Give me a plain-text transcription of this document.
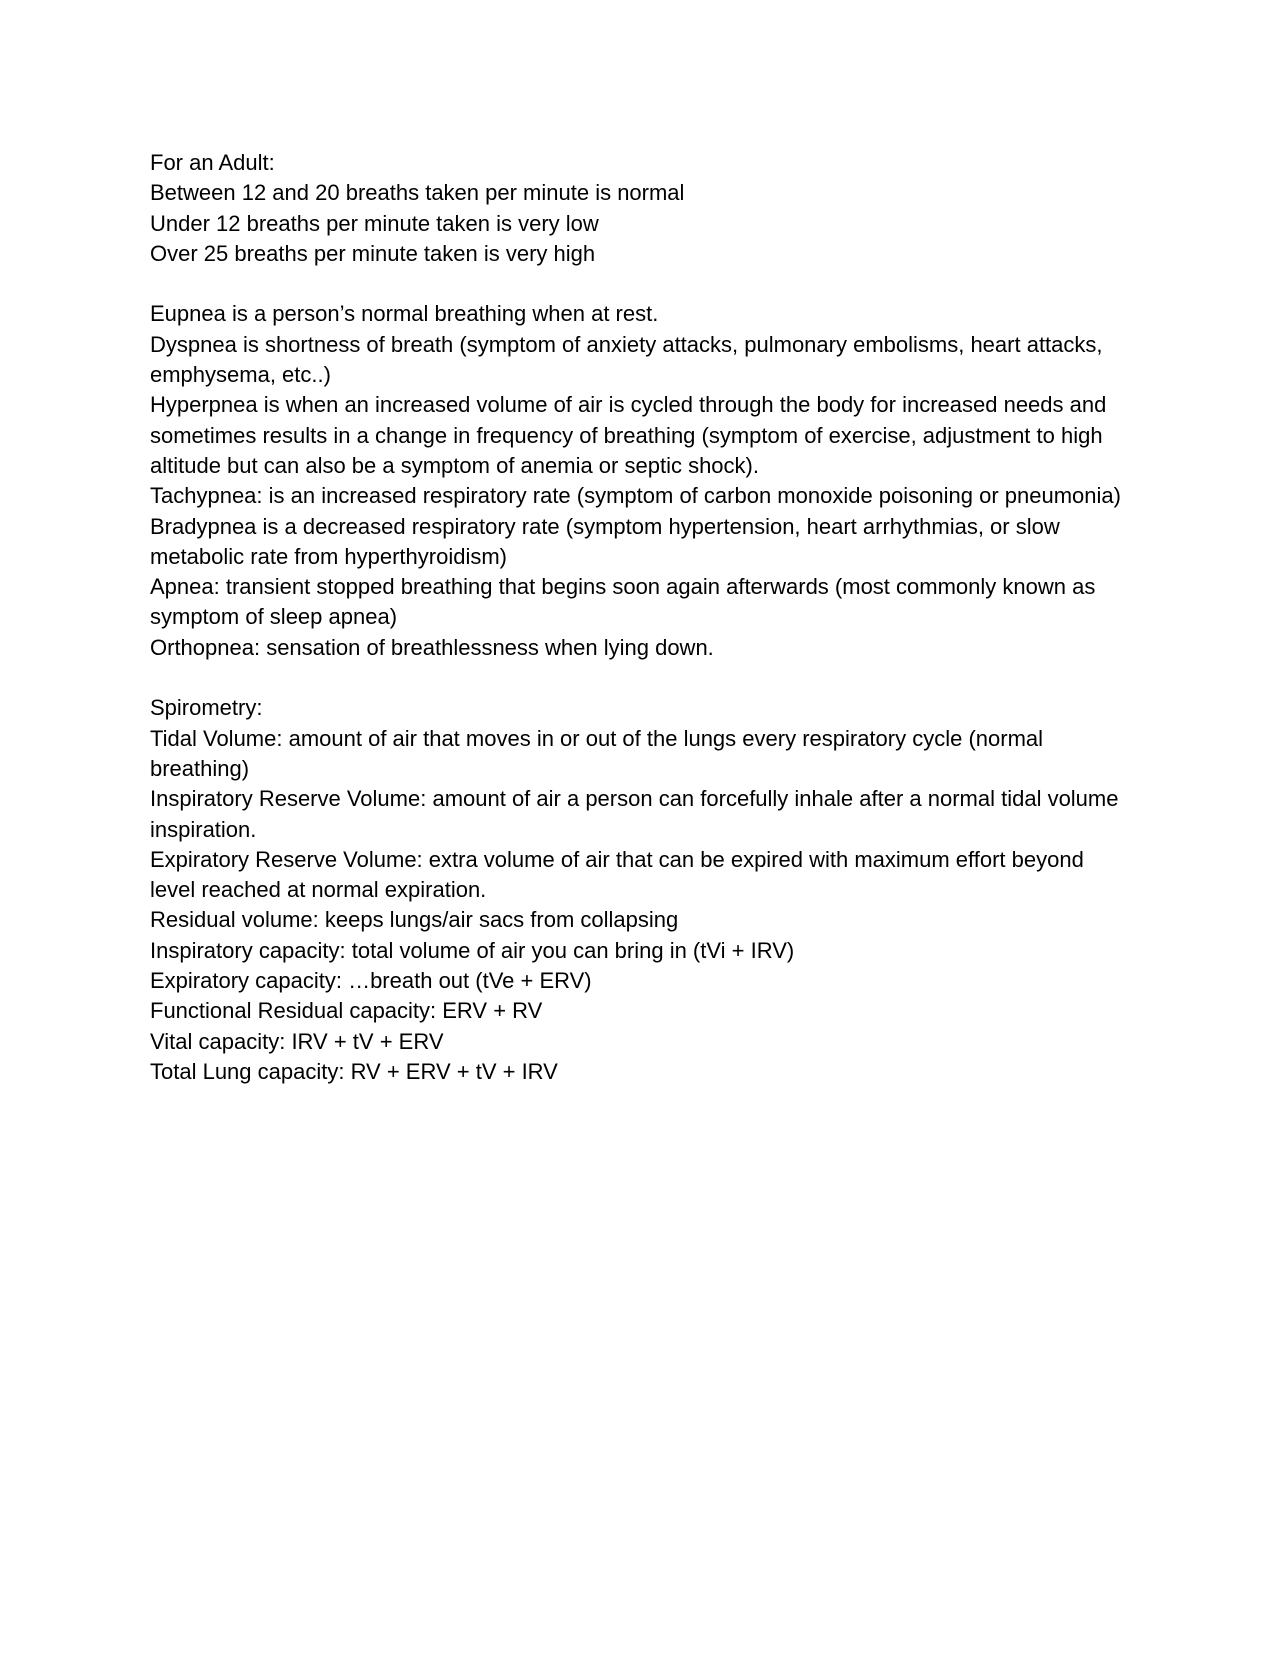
For an Adult:

Between 12 and 20 breaths taken per minute is normal

Under 12 breaths per minute taken is very low

Over 25 breaths per minute taken is very high

Eupnea is a person’s normal breathing when at rest.

Dyspnea is shortness of breath (symptom of anxiety attacks, pulmonary embolisms, heart attacks, emphysema, etc..)

Hyperpnea is when an increased volume of air is cycled through the body for increased needs and sometimes results in a change in frequency of breathing (symptom of exercise, adjustment to high altitude but can also be a symptom of anemia or septic shock).

Tachypnea: is an increased respiratory rate (symptom of carbon monoxide poisoning or pneumonia)

Bradypnea is a decreased respiratory rate (symptom hypertension, heart arrhythmias, or slow metabolic rate from hyperthyroidism)

Apnea: transient stopped breathing that begins soon again afterwards (most commonly known as symptom of sleep apnea)

Orthopnea: sensation of breathlessness when lying down.

Spirometry:

Tidal Volume: amount of air that moves in or out of the lungs every respiratory cycle (normal breathing)

Inspiratory Reserve Volume: amount of air a person can forcefully inhale after a normal tidal volume inspiration.

Expiratory Reserve Volume: extra volume of air that can be expired with maximum effort beyond level reached at normal expiration.

Residual volume: keeps lungs/air sacs from collapsing

Inspiratory capacity: total volume of air you can bring in (tVi + IRV)

Expiratory capacity: …breath out (tVe + ERV)

Functional Residual capacity: ERV + RV

Vital capacity: IRV + tV + ERV

Total Lung capacity: RV + ERV + tV + IRV
